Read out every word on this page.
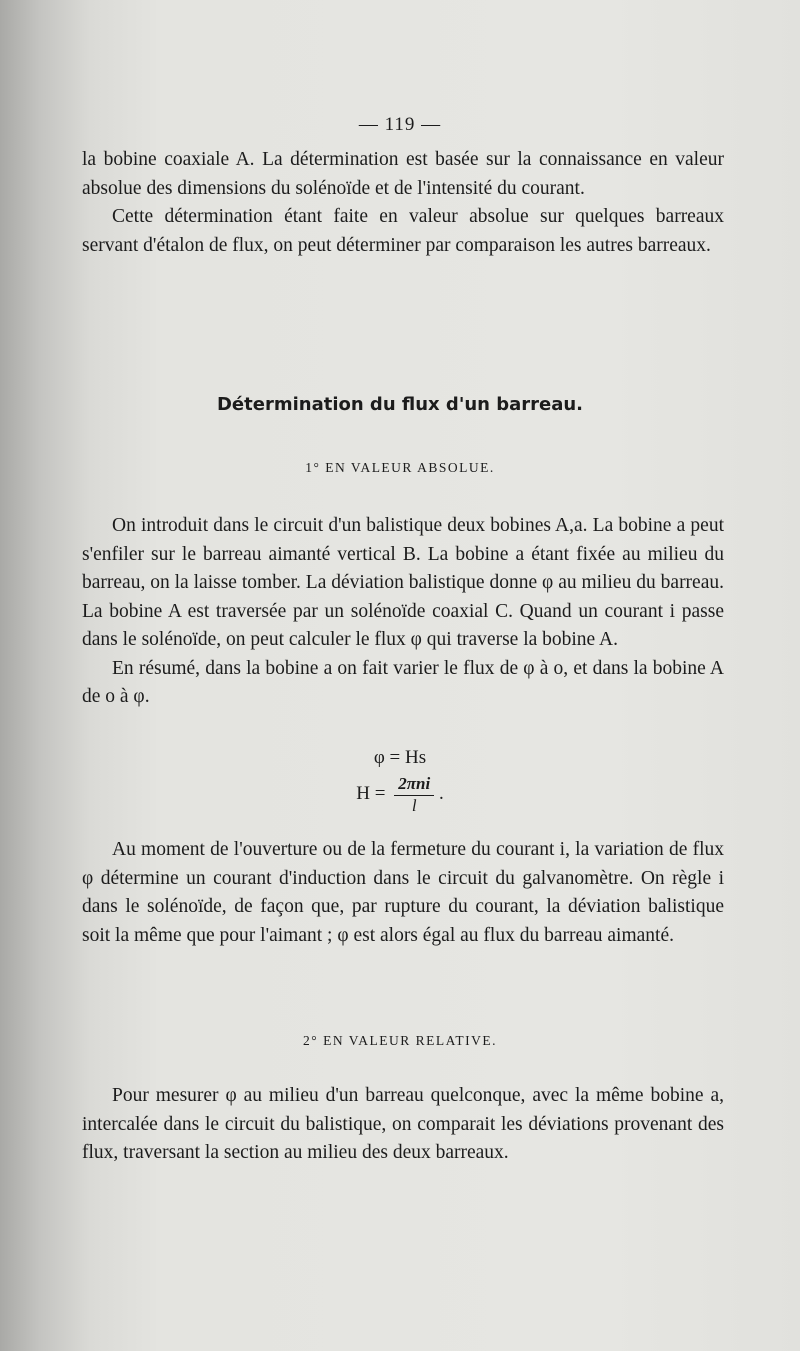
— 119 —

la bobine coaxiale A. La détermination est basée sur la connaissance en valeur absolue des dimensions du solénoïde et de l'intensité du courant.

Cette détermination étant faite en valeur absolue sur quelques barreaux servant d'étalon de flux, on peut déterminer par comparaison les autres barreaux.

Détermination du flux d'un barreau.
1° EN VALEUR ABSOLUE.

On introduit dans le circuit d'un balistique deux bobines A,a. La bobine a peut s'enfiler sur le barreau aimanté vertical B. La bobine a étant fixée au milieu du barreau, on la laisse tomber. La déviation balistique donne φ au milieu du barreau. La bobine A est traversée par un solénoïde coaxial C. Quand un courant i passe dans le solénoïde, on peut calculer le flux φ qui traverse la bobine A.

En résumé, dans la bobine a on fait varier le flux de φ à o, et dans la bobine A de o à φ.

φ = Hs
$H = \frac{\text{2πni}}{l}$ .

Au moment de l'ouverture ou de la fermeture du courant i, la variation de flux φ détermine un courant d'induction dans le circuit du galvanomètre. On règle i dans le solénoïde, de façon que, par rupture du courant, la déviation balistique soit la même que pour l'aimant ; φ est alors égal au flux du barreau aimanté.

2° EN VALEUR RELATIVE.

Pour mesurer φ au milieu d'un barreau quelconque, avec la même bobine a, intercalée dans le circuit du balistique, on comparait les déviations provenant des flux, traversant la section au milieu des deux barreaux.
